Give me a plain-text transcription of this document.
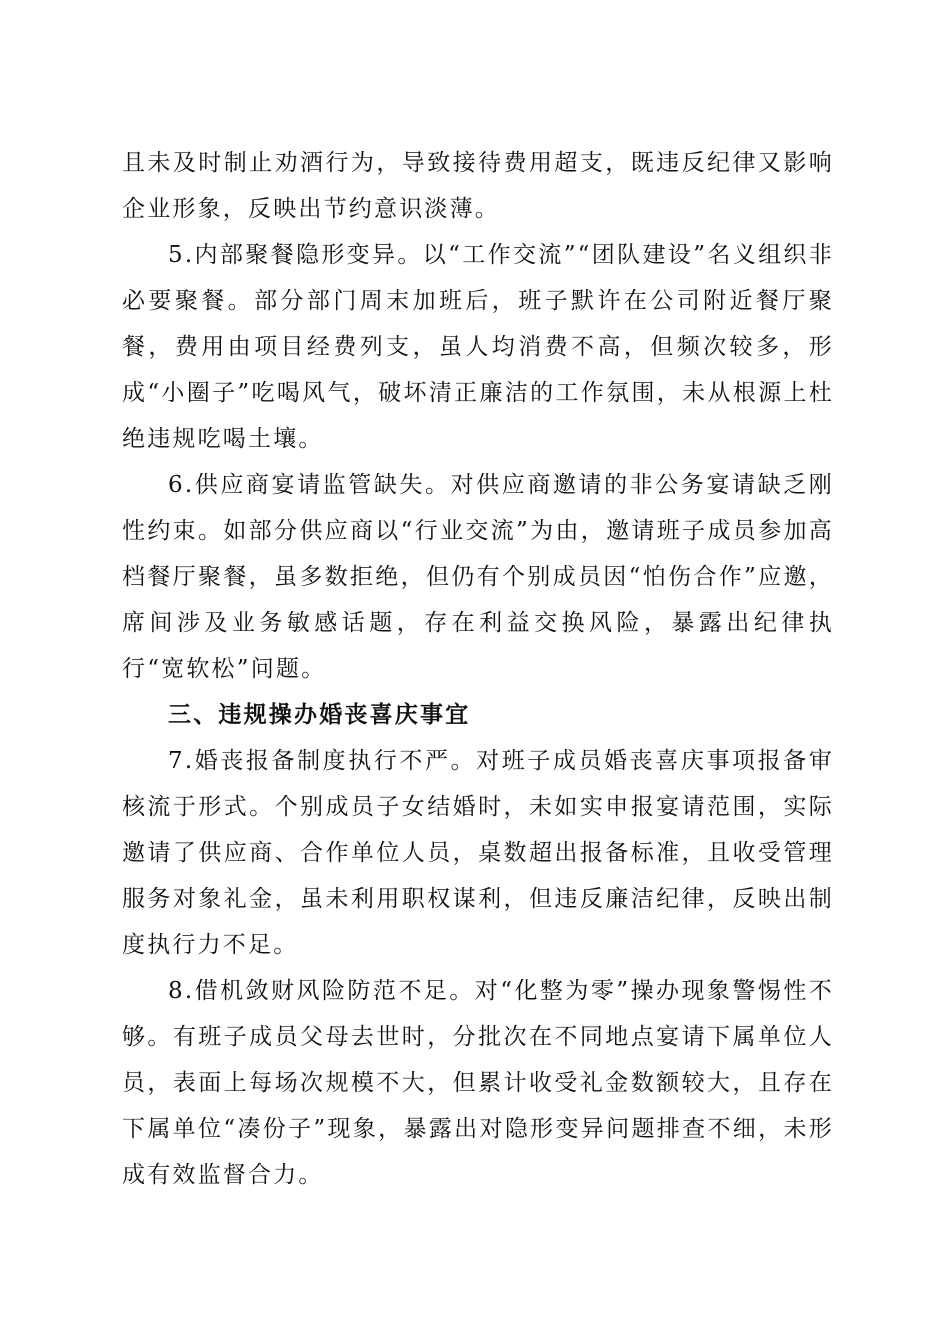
且未及时制止劝酒行为，导致接待费用超支，既违反纪律又影响企业形象，反映出节约意识淡薄。

5.内部聚餐隐形变异。以“工作交流”“团队建设”名义组织非必要聚餐。部分部门周末加班后，班子默许在公司附近餐厅聚餐，费用由项目经费列支，虽人均消费不高，但频次较多，形成“小圈子”吃喝风气，破坏清正廉洁的工作氛围，未从根源上杜绝违规吃喝土壤。

6.供应商宴请监管缺失。对供应商邀请的非公务宴请缺乏刚性约束。如部分供应商以“行业交流”为由，邀请班子成员参加高档餐厅聚餐，虽多数拒绝，但仍有个别成员因“怕伤合作”应邀，席间涉及业务敏感话题，存在利益交换风险，暴露出纪律执行“宽软松”问题。

三、违规操办婚丧喜庆事宜

7.婚丧报备制度执行不严。对班子成员婚丧喜庆事项报备审核流于形式。个别成员子女结婚时，未如实申报宴请范围，实际邀请了供应商、合作单位人员，桌数超出报备标准，且收受管理服务对象礼金，虽未利用职权谋利，但违反廉洁纪律，反映出制度执行力不足。

8.借机敛财风险防范不足。对“化整为零”操办现象警惕性不够。有班子成员父母去世时，分批次在不同地点宴请下属单位人员，表面上每场次规模不大，但累计收受礼金数额较大，且存在下属单位“凑份子”现象，暴露出对隐形变异问题排查不细，未形成有效监督合力。
